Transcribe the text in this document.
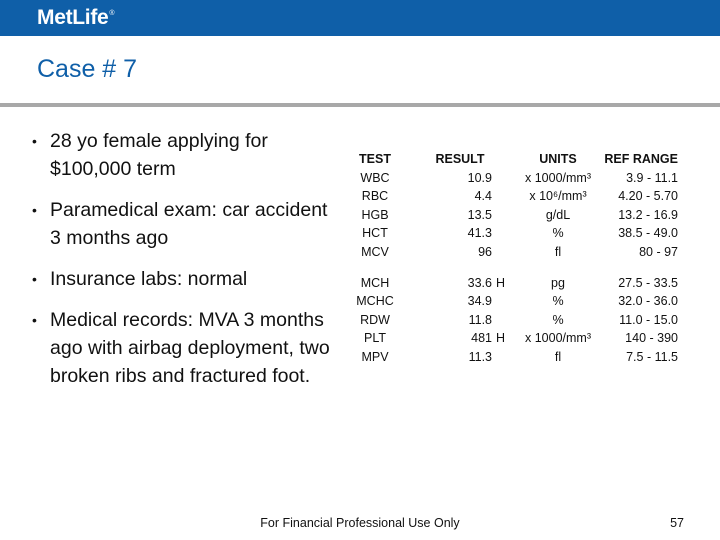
MetLife®
Case # 7
• 28 yo female applying for $100,000 term
• Paramedical exam: car accident 3 months ago
• Insurance labs: normal
• Medical records: MVA 3 months ago with airbag deployment, two broken ribs and fractured foot.
TEST	RESULT	UNITS	REF RANGE
WBC	10.9	x 1000/mm³	3.9 - 11.1
RBC	4.4	x 10⁶/mm³	4.20 - 5.70
HGB	13.5	g/dL	13.2 - 16.9
HCT	41.3	%	38.5 - 49.0
MCV	96	fl	80 - 97
MCH	33.6 H	pg	27.5 - 33.5
MCHC	34.9	%	32.0 - 36.0
RDW	11.8	%	11.0 - 15.0
PLT	481 H	x 1000/mm³	140 - 390
MPV	11.3	fl	7.5 - 11.5
For Financial Professional Use Only	57
